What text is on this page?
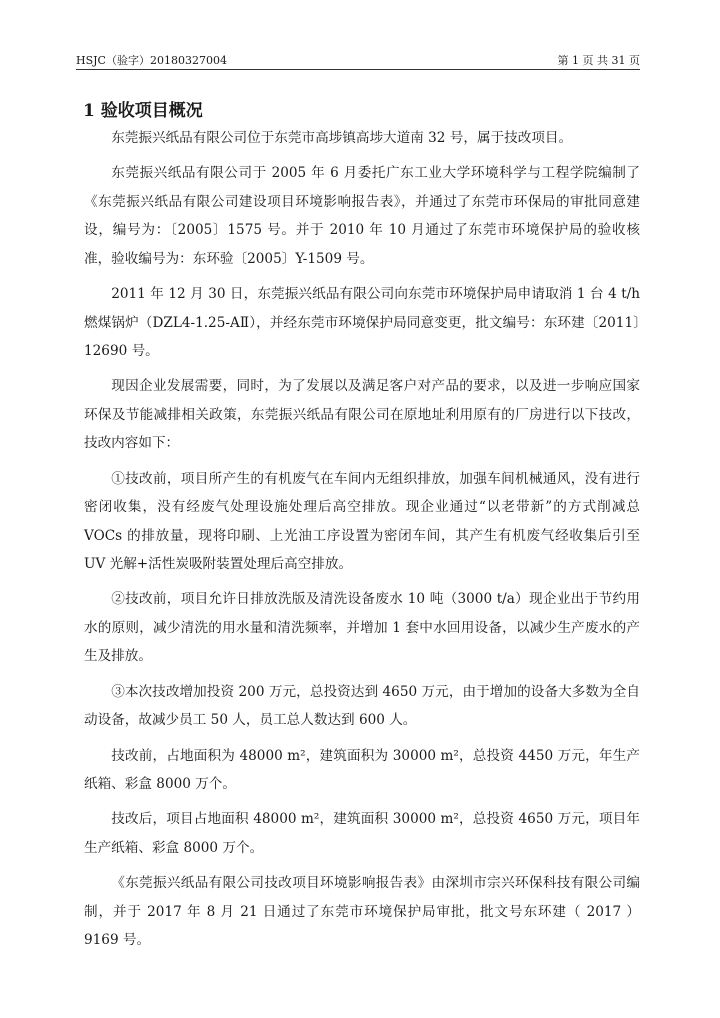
HSJC（验字）20180327004	第 1 页 共 31 页
1 验收项目概况

东莞振兴纸品有限公司位于东莞市高埗镇高埗大道南 32 号，属于技改项目。

东莞振兴纸品有限公司于 2005 年 6 月委托广东工业大学环境科学与工程学院编制了《东莞振兴纸品有限公司建设项目环境影响报告表》，并通过了东莞市环保局的审批同意建设，编号为：〔2005〕1575 号。并于 2010 年 10 月通过了东莞市环境保护局的验收核准，验收编号为：东环验〔2005〕Y-1509 号。

2011 年 12 月 30 日，东莞振兴纸品有限公司向东莞市环境保护局申请取消 1 台 4 t/h 燃煤锅炉（DZL4-1.25-AⅡ），并经东莞市环境保护局同意变更，批文编号：东环建〔2011〕12690 号。

现因企业发展需要，同时，为了发展以及满足客户对产品的要求，以及进一步响应国家环保及节能减排相关政策，东莞振兴纸品有限公司在原地址利用原有的厂房进行以下技改，技改内容如下：

①技改前，项目所产生的有机废气在车间内无组织排放，加强车间机械通风，没有进行密闭收集，没有经废气处理设施处理后高空排放。现企业通过“以老带新”的方式削减总 VOCs 的排放量，现将印刷、上光油工序设置为密闭车间，其产生有机废气经收集后引至 UV 光解+活性炭吸附装置处理后高空排放。

②技改前，项目允许日排放洗版及清洗设备废水 10 吨（3000 t/a）现企业出于节约用水的原则，减少清洗的用水量和清洗频率，并增加 1 套中水回用设备，以减少生产废水的产生及排放。

③本次技改增加投资 200 万元，总投资达到 4650 万元，由于增加的设备大多数为全自动设备，故减少员工 50 人，员工总人数达到 600 人。

技改前，占地面积为 48000 m²，建筑面积为 30000 m²，总投资 4450 万元，年生产纸箱、彩盒 8000 万个。

技改后，项目占地面积 48000 m²，建筑面积 30000 m²，总投资 4650 万元，项目年生产纸箱、彩盒 8000 万个。

《东莞振兴纸品有限公司技改项目环境影响报告表》由深圳市宗兴环保科技有限公司编制，并于 2017 年 8 月 21 日通过了东莞市环境保护局审批，批文号东环建（ 2017 ）9169 号。
